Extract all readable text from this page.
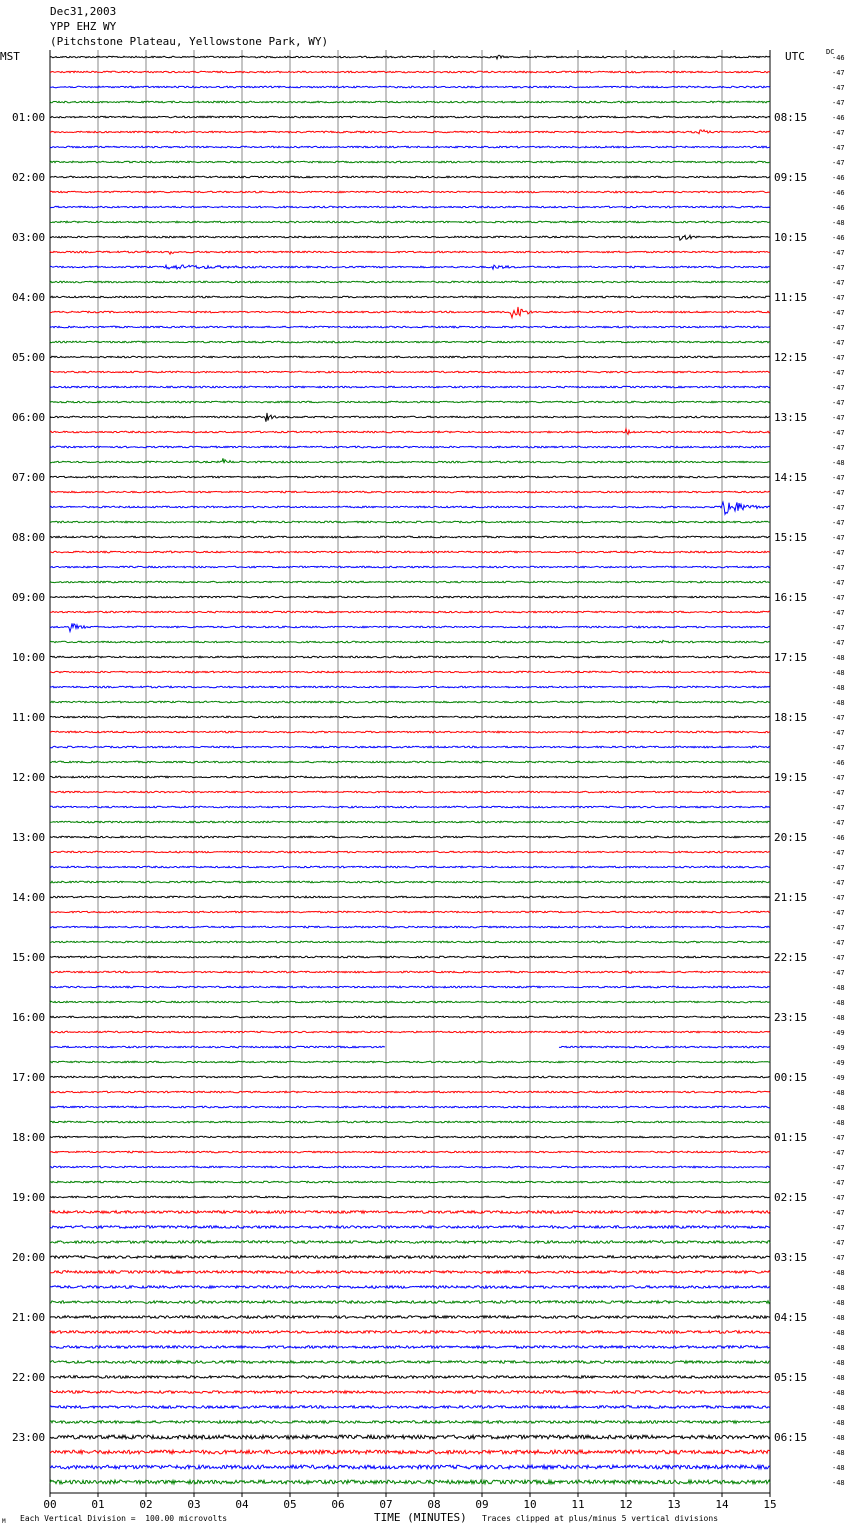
-46
-47
-47
-47
-46
-47
-47
-47
-46
-46
-46
-48
-46
-47
-47
-47
-47
-47
-47
-47
-47
-47
-47
-47
-47
-47
-47
-48
-47
-47
-47
-47
-47
-47
-47
-47
-47
-47
-47
-47
-48
-48
-48
-48
-47
-47
-47
-46
-47
-47
-47
-47
-46
-47
-47
-47
-47
-47
-47
-47
-47
-47
-48
-48
-48
-49
-49
-49
-49
-48
-48
-48
-47
-47
-47
-47
-47
-47
-47
-47
-47
-48
-48
-48
-48
-48
-48
-48
-48
-48
-48
-48
-48
-48
-48
-48
01:00
02:00
03:00
04:00
05:00
06:00
07:00
08:00
09:00
10:00
11:00
12:00
13:00
14:00
15:00
16:00
17:00
18:00
19:00
20:00
21:00
22:00
23:00
08:15
09:15
10:15
11:15
12:15
13:15
14:15
15:15
16:15
17:15
18:15
19:15
20:15
21:15
22:15
23:15
00:15
01:15
02:15
03:15
04:15
05:15
06:15
00	01	02	03	04	05	06	07	08	09	10	11	12	13	14	15
Dec31,2003
YPP EHZ WY
(Pitchstone Plateau, Yellowstone Park, WY)
MST	UTC	DC
Each Vertical Division =  100.00 microvolts	TIME (MINUTES) Traces clipped at plus/minus 5 vertical divisions
M
